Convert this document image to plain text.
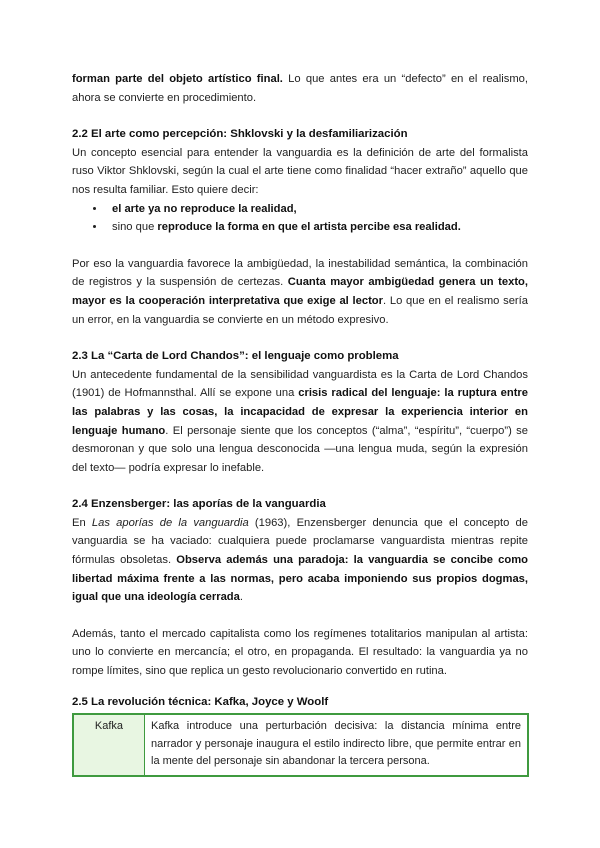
forman parte del objeto artístico final. Lo que antes era un “defecto” en el realismo, ahora se convierte en procedimiento.

2.2 El arte como percepción: Shklovski y la desfamiliarización

Un concepto esencial para entender la vanguardia es la definición de arte del formalista ruso Viktor Shklovski, según la cual el arte tiene como finalidad “hacer extraño” aquello que nos resulta familiar. Esto quiere decir:

• el arte ya no reproduce la realidad,
• sino que reproduce la forma en que el artista percibe esa realidad.

Por eso la vanguardia favorece la ambigüedad, la inestabilidad semántica, la combinación de registros y la suspensión de certezas. Cuanta mayor ambigüedad genera un texto, mayor es la cooperación interpretativa que exige al lector. Lo que en el realismo sería un error, en la vanguardia se convierte en un método expresivo.

2.3 La “Carta de Lord Chandos”: el lenguaje como problema

Un antecedente fundamental de la sensibilidad vanguardista es la Carta de Lord Chandos (1901) de Hofmannsthal. Allí se expone una crisis radical del lenguaje: la ruptura entre las palabras y las cosas, la incapacidad de expresar la experiencia interior en lenguaje humano. El personaje siente que los conceptos (“alma”, “espíritu”, “cuerpo”) se desmoronan y que solo una lengua desconocida —una lengua muda, según la expresión del texto— podría expresar lo inefable.

2.4 Enzensberger: las aporías de la vanguardia

En Las aporías de la vanguardia (1963), Enzensberger denuncia que el concepto de vanguardia se ha vaciado: cualquiera puede proclamarse vanguardista mientras repite fórmulas obsoletas. Observa además una paradoja: la vanguardia se concibe como libertad máxima frente a las normas, pero acaba imponiendo sus propios dogmas, igual que una ideología cerrada.

Además, tanto el mercado capitalista como los regímenes totalitarios manipulan al artista: uno lo convierte en mercancía; el otro, en propaganda. El resultado: la vanguardia ya no rompe límites, sino que replica un gesto revolucionario convertido en rutina.

2.5 La revolución técnica: Kafka, Joyce y Woolf
Kafka	Kafka introduce una perturbación decisiva: la distancia mínima entre narrador y personaje inaugura el estilo indirecto libre, que permite entrar en la mente del personaje sin abandonar la tercera persona.
